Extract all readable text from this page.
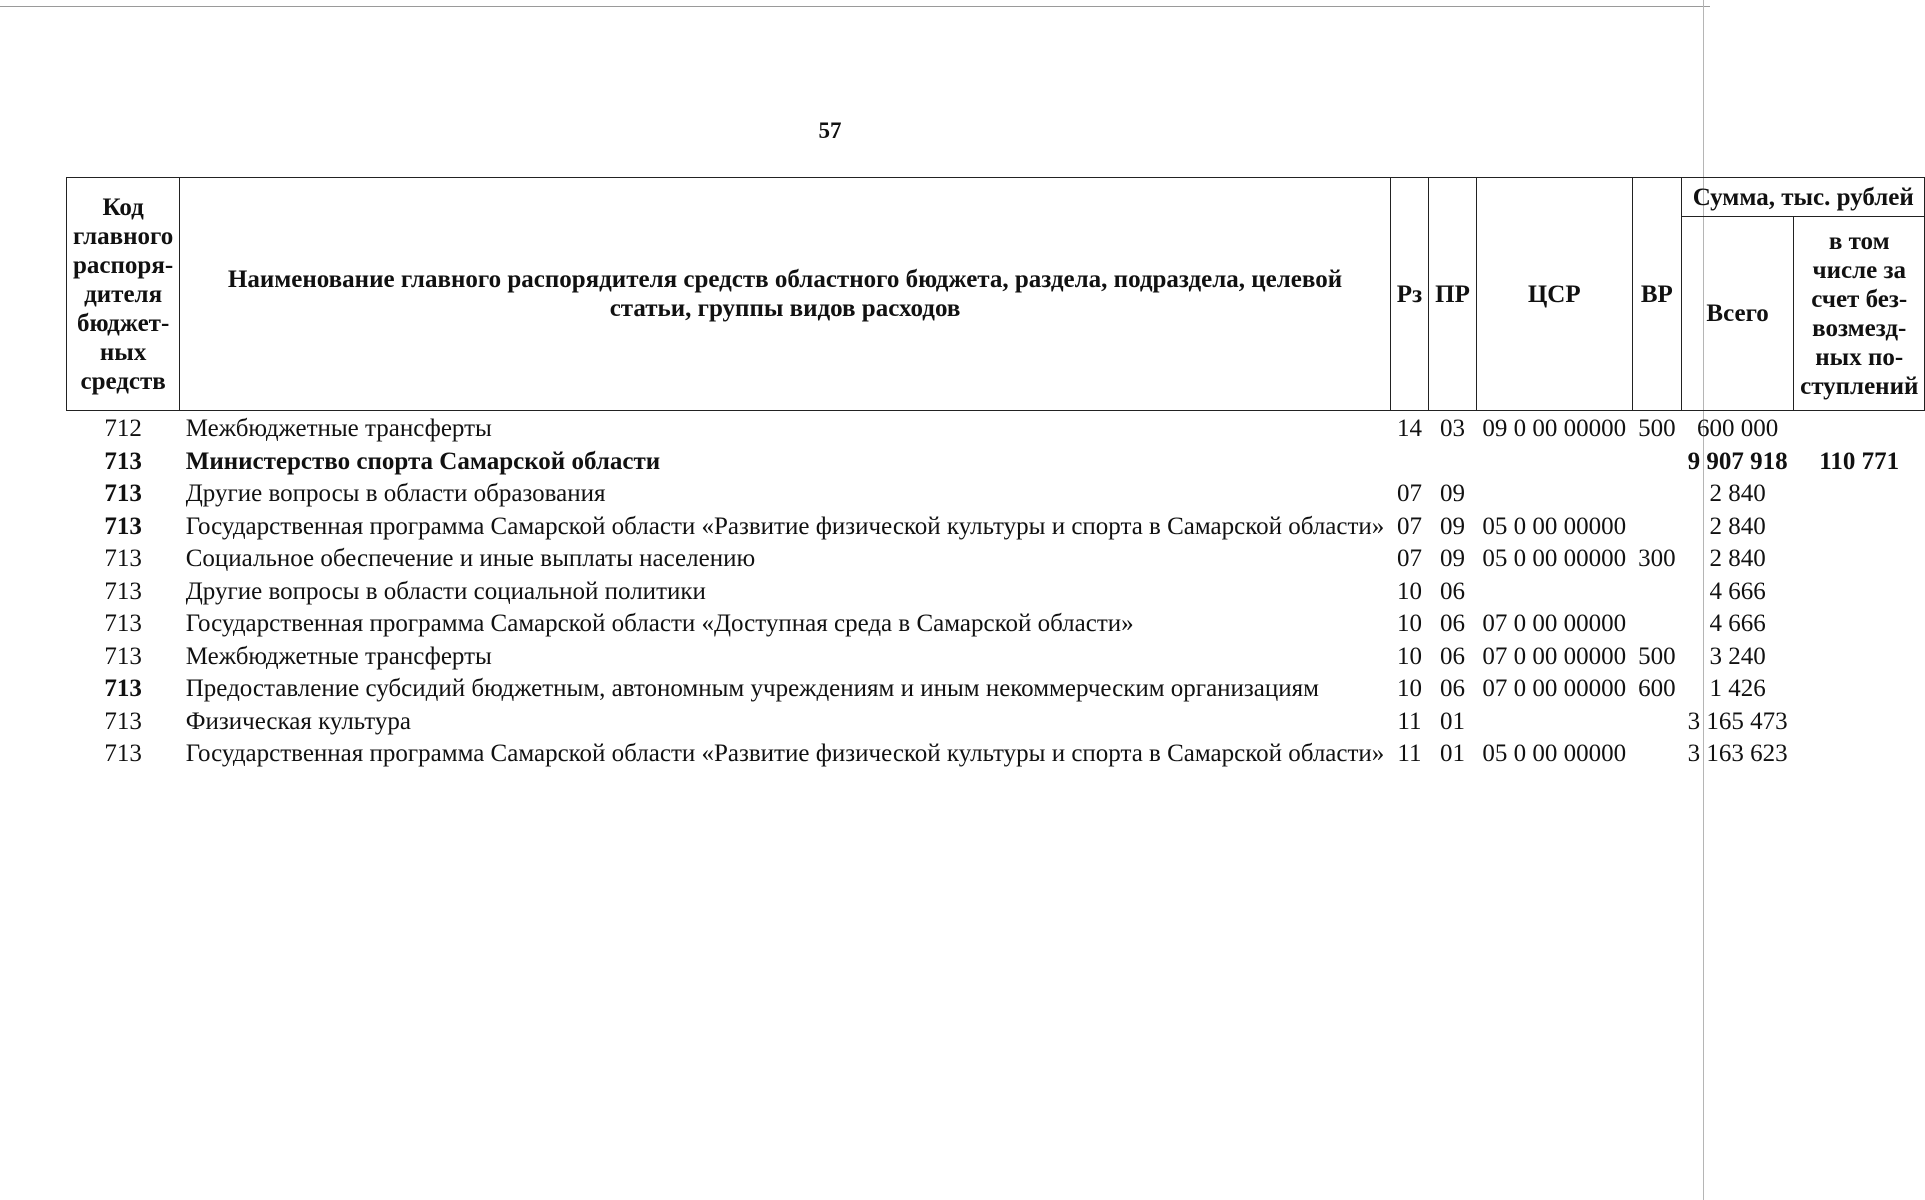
57
Код главного распоря-дителя бюджет-ных средств	Наименование главного распорядителя средств областного бюджета, раздела, подраздела, целевой статьи, группы видов расходов	Рз	ПР	ЦСР	ВР	Сумма, тыс. рублей	
						Всего	в том числе за счет без-возмезд-ных по-ступлений
712	Межбюджетные трансферты	14	03	09 0 00 00000	500	600 000	
713	Министерство спорта Самарской области					9 907 918	110 771
713	Другие вопросы в области образования	07	09			2 840	
713	Государственная программа Самарской области «Развитие физической культуры и спорта в Самарской области»	07	09	05 0 00 00000		2 840	
713	Социальное обеспечение и иные выплаты населению	07	09	05 0 00 00000	300	2 840	
713	Другие вопросы в области социальной политики	10	06			4 666	
713	Государственная программа Самарской области «Доступная среда в Самарской области»	10	06	07 0 00 00000		4 666	
713	Межбюджетные трансферты	10	06	07 0 00 00000	500	3 240	
713	Предоставление субсидий бюджетным, автономным учреждениям и иным некоммерческим организациям	10	06	07 0 00 00000	600	1 426	
713	Физическая культура	11	01			3 165 473	
713	Государственная программа Самарской области «Развитие физической культуры и спорта в Самарской области»	11	01	05 0 00 00000		3 163 623	
